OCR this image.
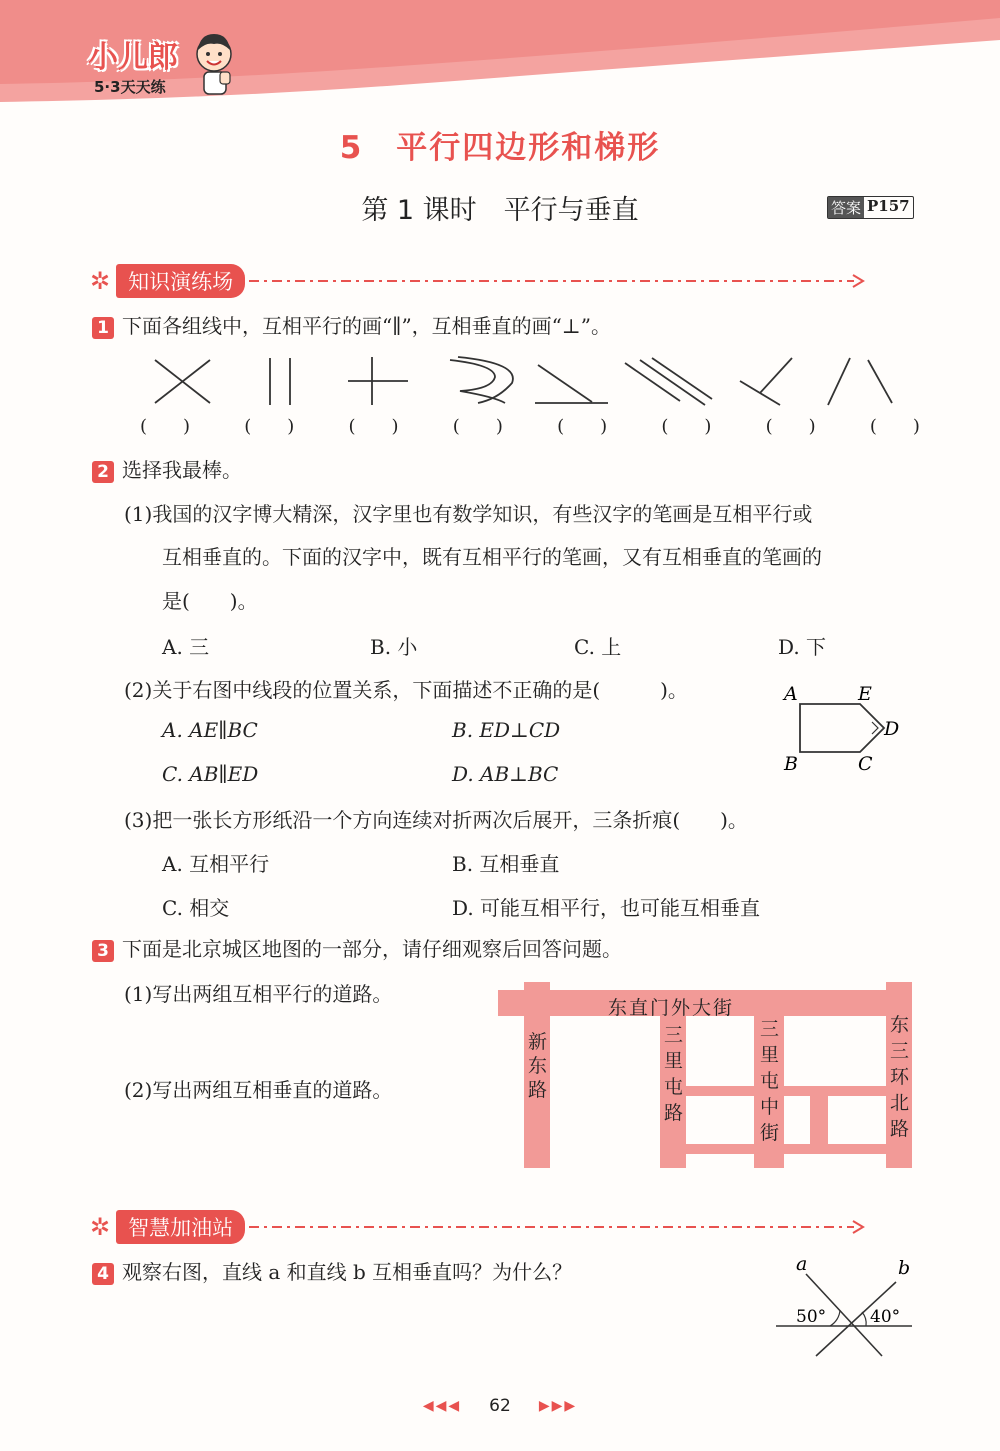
小儿郎
5·3天天练
5　平行四边形和梯形
第 1 课时　平行与垂直	答案 P157
✲ 知识演练场
1 下面各组线中，互相平行的画“∥”，互相垂直的画“⊥”。
(　　)	(　　)	(　　)	(　　)	(　　)	(　　)	(　　)	(　　)
2 选择我最棒。
(1)我国的汉字博大精深，汉字里也有数学知识，有些汉字的笔画是互相平行或
互相垂直的。下面的汉字中，既有互相平行的笔画，又有互相垂直的笔画的
是(　　)。
A. 三	B. 小	C. 上	D. 下
(2)关于右图中线段的位置关系，下面描述不正确的是(　　　)。
A. AE∥BC	B. ED⊥CD
C. AB∥ED	D. AB⊥BC
A	E
D
B	C
(3)把一张长方形纸沿一个方向连续对折两次后展开，三条折痕(　　)。
A. 互相平行	B. 互相垂直
C. 相交	D. 可能互相平行，也可能互相垂直
3 下面是北京城区地图的一部分，请仔细观察后回答问题。
(1)写出两组互相平行的道路。
(2)写出两组互相垂直的道路。
东直门外大街
新东路
三里屯路
三里屯中街
东三环北路
✲ 智慧加油站
4 观察右图，直线 a 和直线 b 互相垂直吗？为什么？	a	b
50°	40°
◀◀◀ 62 ▶▶▶
